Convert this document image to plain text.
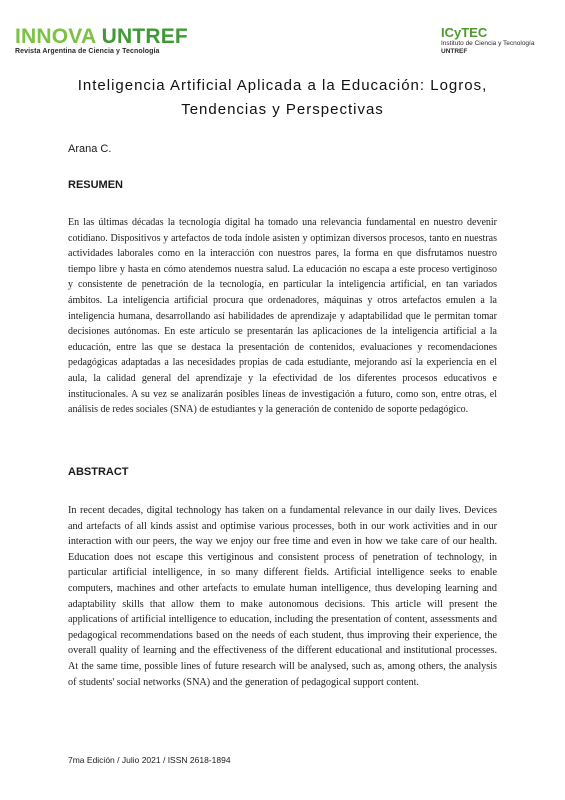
INNOVA UNTREF
Revista Argentina de Ciencia y Tecnología
ICyTEC
Instituto de Ciencia y Tecnología
UNTREF
Inteligencia Artificial Aplicada a la Educación: Logros, Tendencias y Perspectivas
Arana C.
RESUMEN
En las últimas décadas la tecnología digital ha tomado una relevancia fundamental en nuestro devenir cotidiano. Dispositivos y artefactos de toda índole asisten y optimizan diversos procesos, tanto en nuestras actividades laborales como en la interacción con nuestros pares, la forma en que disfrutamos nuestro tiempo libre y hasta en cómo atendemos nuestra salud. La educación no escapa a este proceso vertiginoso y consistente de penetración de la tecnología, en particular la inteligencia artificial, en tan variados ámbitos. La inteligencia artificial procura que ordenadores, máquinas y otros artefactos emulen a la inteligencia humana, desarrollando así habilidades de aprendizaje y adaptabilidad que le permitan tomar decisiones autónomas. En este artículo se presentarán las aplicaciones de la inteligencia artificial a la educación, entre las que se destaca la presentación de contenidos, evaluaciones y recomendaciones pedagógicas adaptadas a las necesidades propias de cada estudiante, mejorando así la experiencia en el aula, la calidad general del aprendizaje y la efectividad de los diferentes procesos educativos e institucionales. A su vez se analizarán posibles líneas de investigación a futuro, como son, entre otras, el análisis de redes sociales (SNA) de estudiantes y la generación de contenido de soporte pedagógico.
ABSTRACT
In recent decades, digital technology has taken on a fundamental relevance in our daily lives. Devices and artefacts of all kinds assist and optimise various processes, both in our work activities and in our interaction with our peers, the way we enjoy our free time and even in how we take care of our health. Education does not escape this vertiginous and consistent process of penetration of technology, in particular artificial intelligence, in so many different fields. Artificial intelligence seeks to enable computers, machines and other artefacts to emulate human intelligence, thus developing learning and adaptability skills that allow them to make autonomous decisions. This article will present the applications of artificial intelligence to education, including the presentation of content, assessments and pedagogical recommendations based on the needs of each student, thus improving their experience, the overall quality of learning and the effectiveness of the different educational and institutional processes. At the same time, possible lines of future research will be analysed, such as, among others, the analysis of students' social networks (SNA) and the generation of pedagogical support content.
7ma Edición / Julio 2021 / ISSN 2618-1894
